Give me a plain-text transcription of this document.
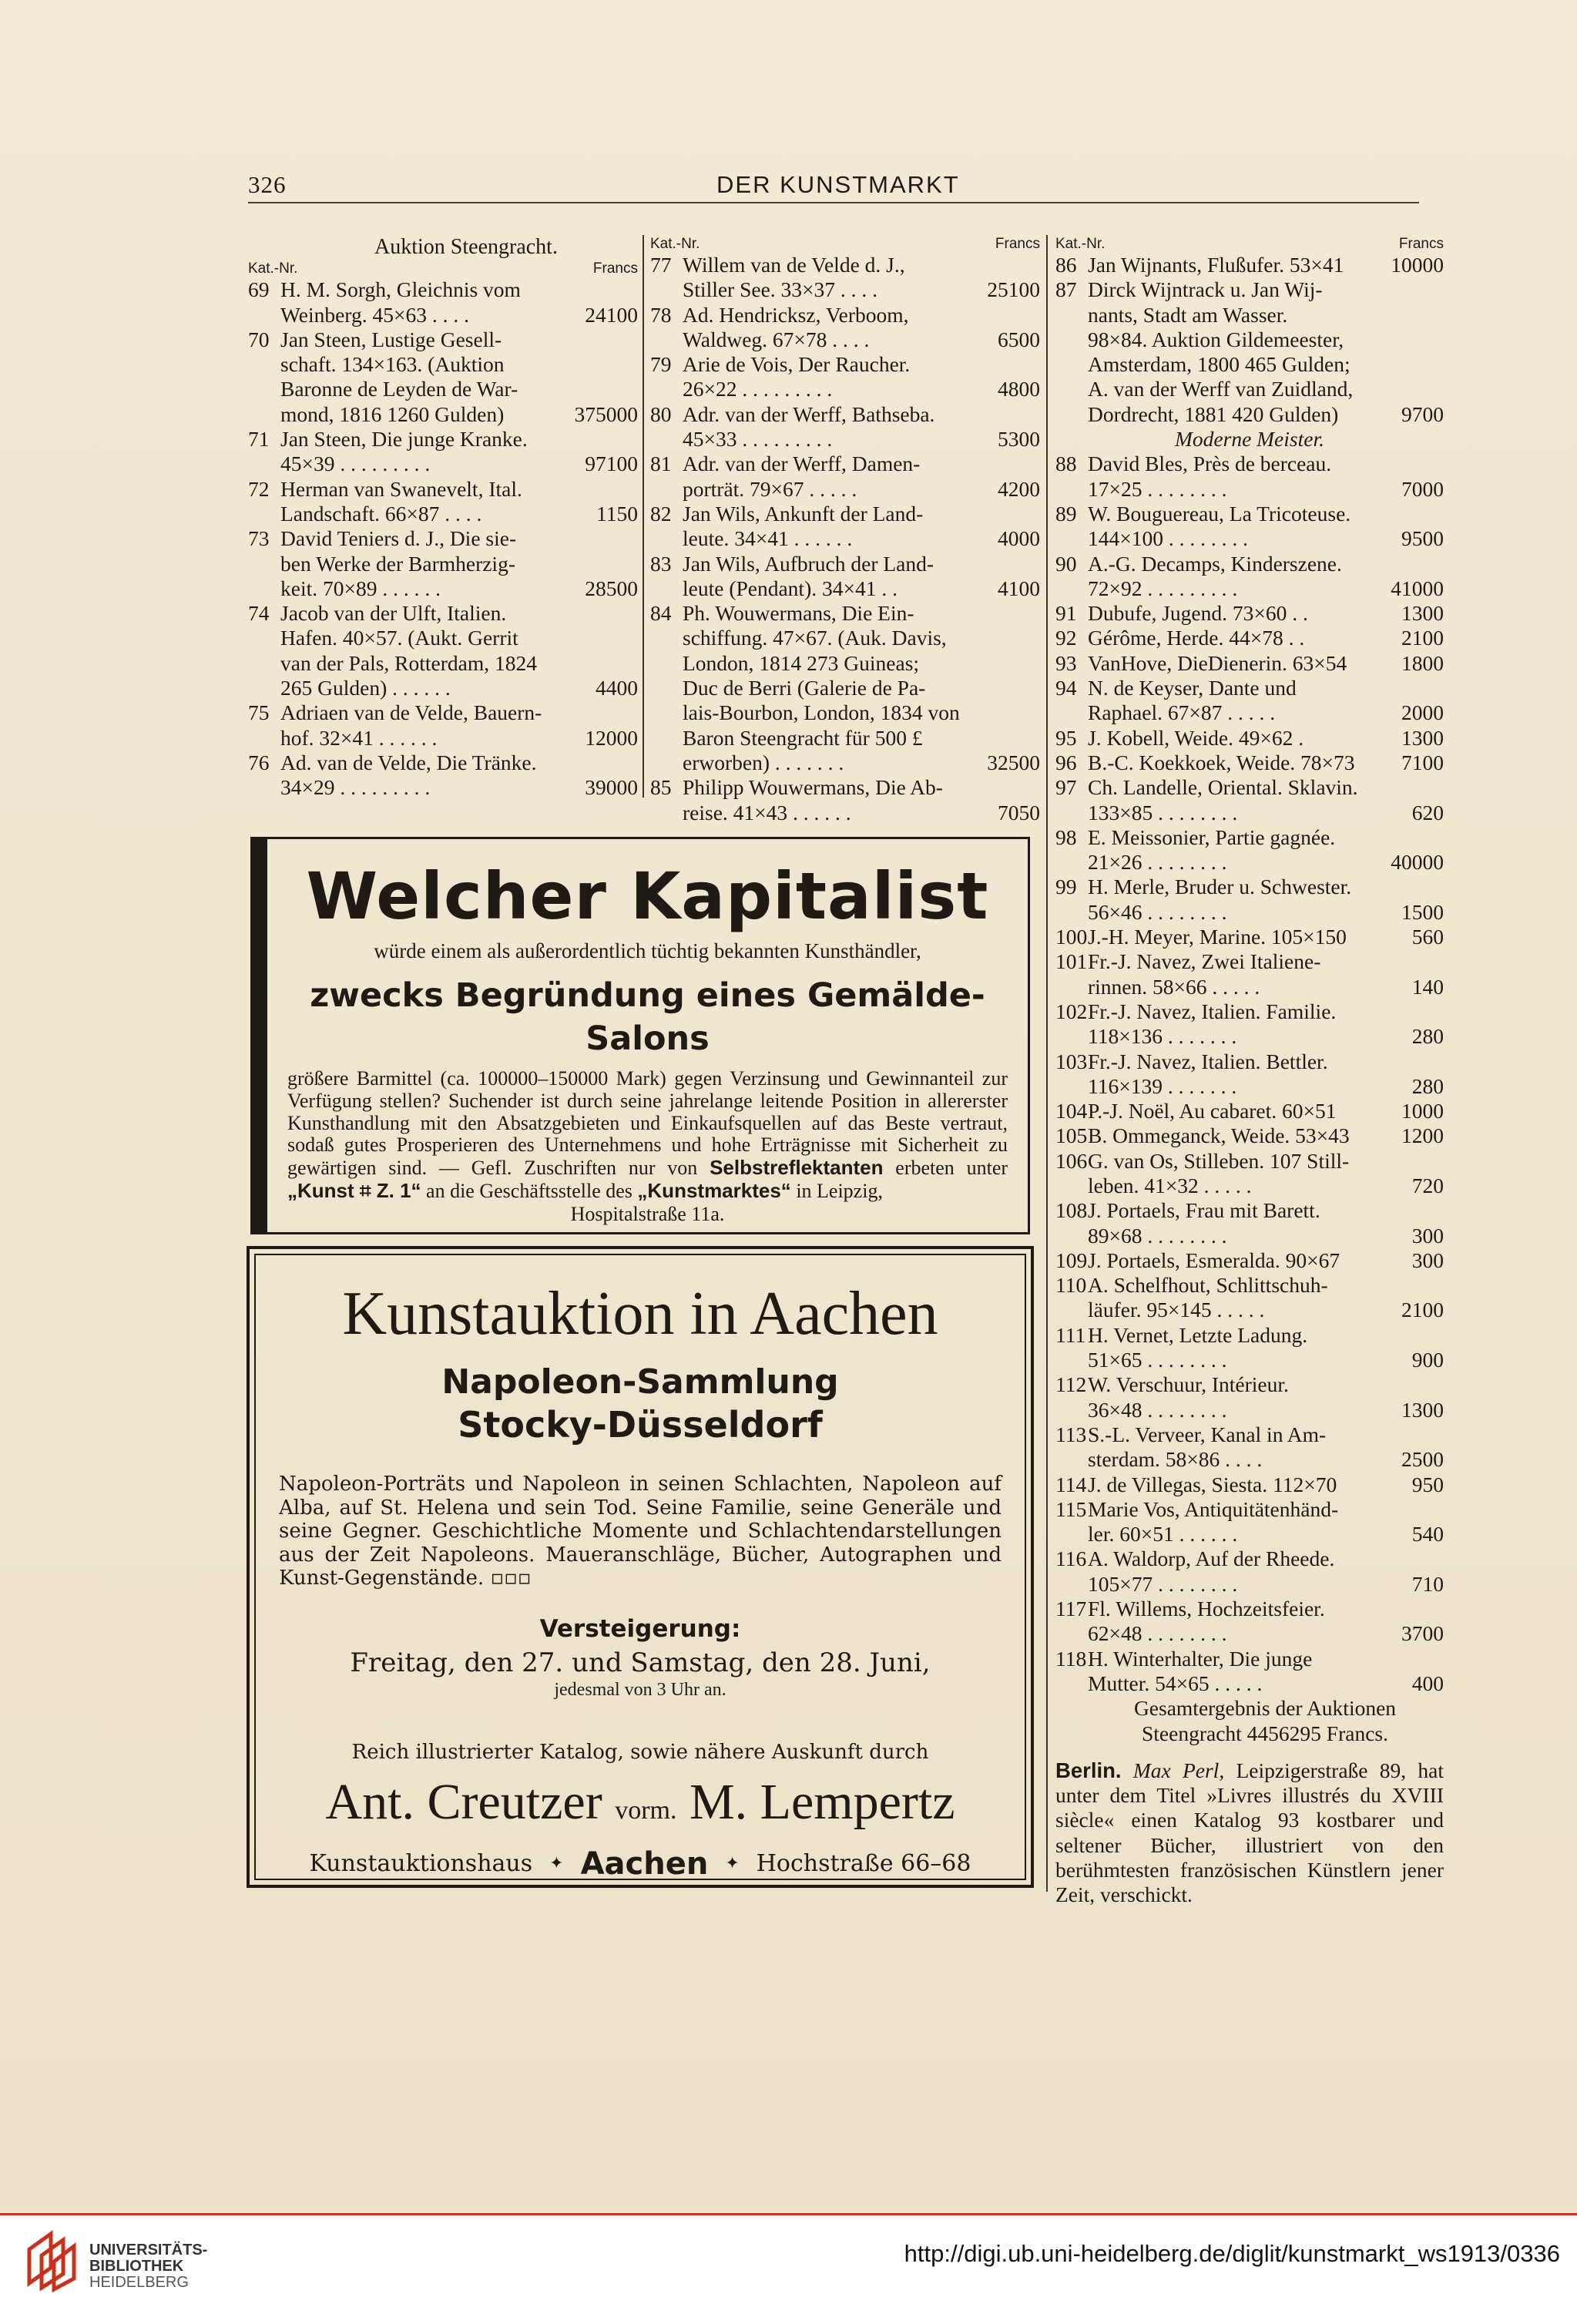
326	DER KUNSTMARKT
Auktion Steengracht.
Kat.-Nr.	Francs
69 H. M. Sorgh, Gleichnis vom
Weinberg. 45×63 . . . .	24100
70 Jan Steen, Lustige Gesell-
schaft. 134×163. (Auktion
Baronne de Leyden de War-
mond, 1816 1260 Gulden)	375000
71 Jan Steen, Die junge Kranke.
45×39 . . . . . . . . .	97100
72 Herman van Swanevelt, Ital.
Landschaft. 66×87 . . . .	1150
73 David Teniers d. J., Die sie-
ben Werke der Barmherzig-
keit. 70×89 . . . . . .	28500
74 Jacob van der Ulft, Italien.
Hafen. 40×57. (Aukt. Gerrit
van der Pals, Rotterdam, 1824
265 Gulden) . . . . . .	4400
75 Adriaen van de Velde, Bauern-
hof. 32×41 . . . . . .	12000
76 Ad. van de Velde, Die Tränke.
34×29 . . . . . . . . .	39000
Kat.-Nr.	Francs
77 Willem van de Velde d. J.,
Stiller See. 33×37 . . . .	25100
78 Ad. Hendricksz, Verboom,
Waldweg. 67×78 . . . .	6500
79 Arie de Vois, Der Raucher.
26×22 . . . . . . . . .	4800
80 Adr. van der Werff, Bathseba.
45×33 . . . . . . . . .	5300
81 Adr. van der Werff, Damen-
porträt. 79×67 . . . . .	4200
82 Jan Wils, Ankunft der Land-
leute. 34×41 . . . . . .	4000
83 Jan Wils, Aufbruch der Land-
leute (Pendant). 34×41 . .	4100
84 Ph. Wouwermans, Die Ein-
schiffung. 47×67. (Auk. Davis,
London, 1814 273 Guineas;
Duc de Berri (Galerie de Pa-
lais-Bourbon, London, 1834 von
Baron Steengracht für 500 £
erworben) . . . . . . .	32500
85 Philipp Wouwermans, Die Ab-
reise. 41×43 . . . . . .	7050
Kat.-Nr.	Francs
86 Jan Wijnants, Flußufer. 53×41 10000
87 Dirck Wijntrack u. Jan Wij-
nants, Stadt am Wasser.
98×84. Auktion Gildemeester,
Amsterdam, 1800 465 Gulden;
A. van der Werff van Zuidland,
Dordrecht, 1881 420 Gulden)	9700
Moderne Meister.
88 David Bles, Près de berceau.
17×25 . . . . . . . .	7000
89 W. Bouguereau, La Tricoteuse.
144×100 . . . . . . . .	9500
90 A.-G. Decamps, Kinderszene.
72×92 . . . . . . . . .	41000
91 Dubufe, Jugend. 73×60 . .	1300
92 Gérôme, Herde. 44×78 . .	2100
93 VanHove, DieDienerin. 63×54	1800
94 N. de Keyser, Dante und
Raphael. 67×87 . . . . .	2000
95 J. Kobell, Weide. 49×62 .	1300
96 B.-C. Koekkoek, Weide. 78×73 7100
97 Ch. Landelle, Oriental. Sklavin.
133×85 . . . . . . . .	620
98 E. Meissonier, Partie gagnée.
21×26 . . . . . . . .	40000
99 H. Merle, Bruder u. Schwester.
56×46 . . . . . . . .	1500
100 J.-H. Meyer, Marine. 105×150	560
101 Fr.-J. Navez, Zwei Italiene-
rinnen. 58×66 . . . . .	140
102 Fr.-J. Navez, Italien. Familie.
118×136 . . . . . . .	280
103 Fr.-J. Navez, Italien. Bettler.
116×139 . . . . . . .	280
104 P.-J. Noël, Au cabaret. 60×51	1000
105 B. Ommeganck, Weide. 53×43 1200
106 G. van Os, Stilleben. 107 Still-
leben. 41×32 . . . . .	720
108 J. Portaels, Frau mit Barett.
89×68 . . . . . . . .	300
109 J. Portaels, Esmeralda. 90×67	300
110 A. Schelfhout, Schlittschuh-
läufer. 95×145 . . . . .	2100
111 H. Vernet, Letzte Ladung.
51×65 . . . . . . . .	900
112 W. Verschuur, Intérieur.
36×48 . . . . . . . .	1300
113 S.-L. Verveer, Kanal in Am-
sterdam. 58×86 . . . .	2500
114 J. de Villegas, Siesta. 112×70	950
115 Marie Vos, Antiquitätenhänd-
ler. 60×51 . . . . . .	540
116 A. Waldorp, Auf der Rheede.
105×77 . . . . . . . .	710
117 Fl. Willems, Hochzeitsfeier.
62×48 . . . . . . . .	3700
118 H. Winterhalter, Die junge
Mutter. 54×65 . . . . .	400
Gesamtergebnis der Auktionen
Steengracht 4456295 Francs.
Berlin. Max Perl, Leipzigerstraße 89, hat unter dem Titel »Livres illustrés du XVIII siècle« einen Katalog 93 kostbarer und seltener Bücher, illustriert von den berühmtesten französischen Künstlern jener Zeit, verschickt.
Welcher Kapitalist
würde einem als außerordentlich tüchtig bekannten Kunsthändler,
zwecks Begründung eines Gemälde-Salons
größere Barmittel (ca. 100000–150000 Mark) gegen Verzinsung und Gewinnanteil zur Verfügung stellen? Suchender ist durch seine jahrelange leitende Position in allererster Kunsthandlung mit den Absatzgebieten und Einkaufsquellen auf das Beste vertraut, sodaß gutes Prosperieren des Unternehmens und hohe Erträgnisse mit Sicherheit zu gewärtigen sind. — Gefl. Zuschriften nur von Selbstreflektanten erbeten unter „Kunst ⌗ Z. 1“ an die Geschäftsstelle des „Kunstmarktes“ in Leipzig,
Hospitalstraße 11a.
Kunstauktion in Aachen
Napoleon-Sammlung
Stocky-Düsseldorf
Napoleon-Porträts und Napoleon in seinen Schlachten, Napoleon auf Alba, auf St. Helena und sein Tod. Seine Familie, seine Generäle und seine Gegner. Geschichtliche Momente und Schlachtendarstellungen aus der Zeit Napoleons. Maueranschläge, Bücher, Autographen und Kunst-Gegenstände. ▫▫▫
Versteigerung:
Freitag, den 27. und Samstag, den 28. Juni,
jedesmal von 3 Uhr an.
Reich illustrierter Katalog, sowie nähere Auskunft durch
Ant. Creutzer vorm. M. Lempertz
Kunstauktionshaus ✦ Aachen ✦ Hochstraße 66–68
UNIVERSITÄTS-
BIBLIOTHEK
HEIDELBERG
http://digi.ub.uni-heidelberg.de/diglit/kunstmarkt_ws1913/0336
